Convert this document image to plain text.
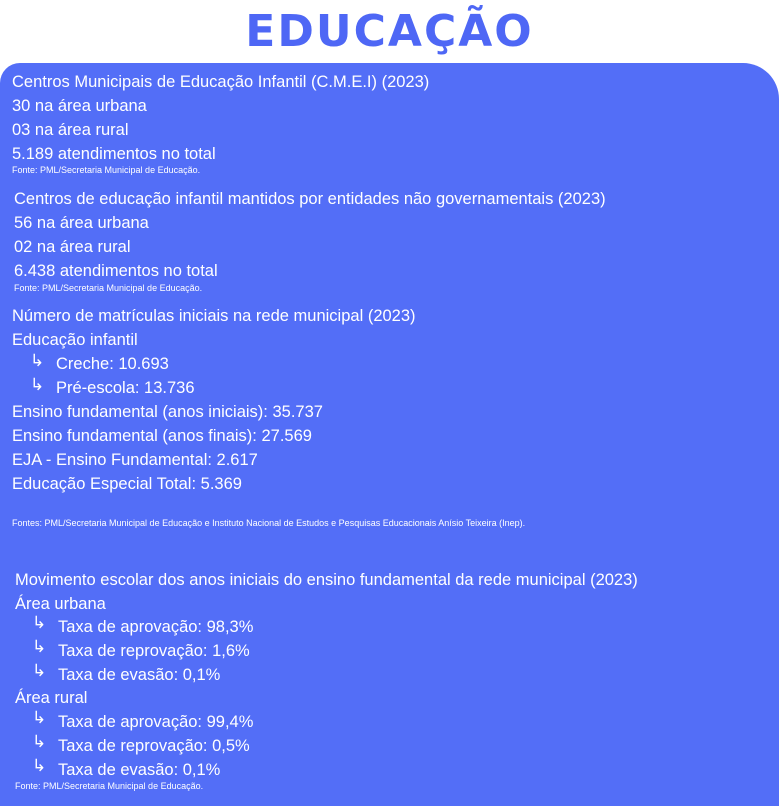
EDUCAÇÃO
Centros Municipais de Educação Infantil (C.M.E.I) (2023)
30 na área urbana
03 na área rural
5.189 atendimentos no total
Fonte: PML/Secretaria Municipal de Educação.
Centros de educação infantil mantidos por entidades não governamentais (2023)
56 na área urbana
02 na área rural
6.438 atendimentos no total
Fonte: PML/Secretaria Municipal de Educação.
Número de matrículas iniciais na rede municipal (2023)
Educação infantil
↳ Creche: 10.693
↳ Pré-escola: 13.736
Ensino fundamental (anos iniciais): 35.737
Ensino fundamental (anos finais): 27.569
EJA - Ensino Fundamental: 2.617
Educação Especial Total: 5.369
Fontes: PML/Secretaria Municipal de Educação e Instituto Nacional de Estudos e Pesquisas Educacionais Anísio Teixeira (Inep).
Movimento escolar dos anos iniciais do ensino fundamental da rede municipal (2023)
Área urbana
↳ Taxa de aprovação: 98,3%
↳ Taxa de reprovação: 1,6%
↳ Taxa de evasão: 0,1%
Área rural
↳ Taxa de aprovação: 99,4%
↳ Taxa de reprovação: 0,5%
↳ Taxa de evasão: 0,1%
Fonte: PML/Secretaria Municipal de Educação.
